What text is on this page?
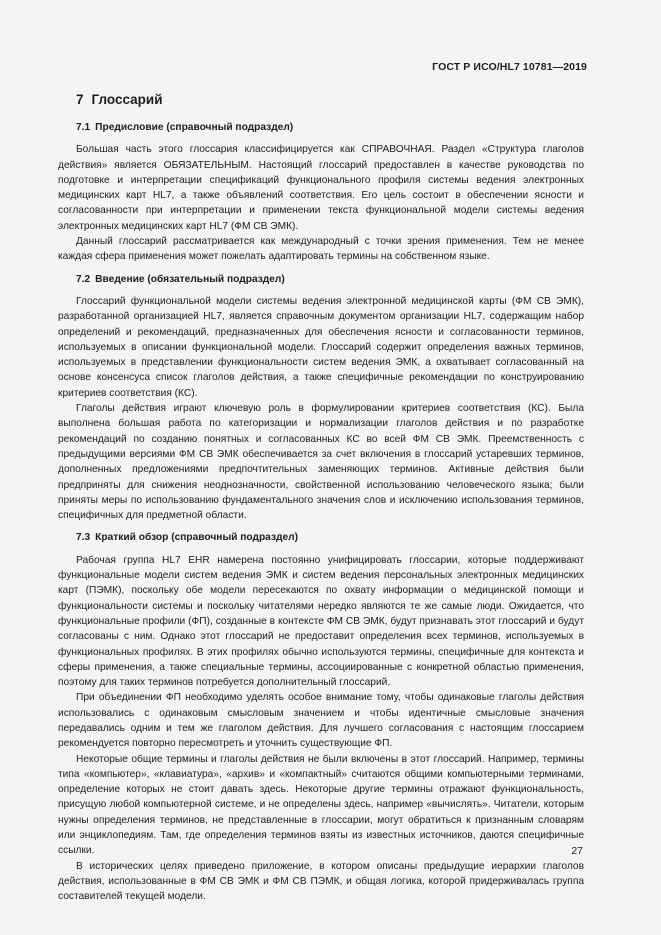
ГОСТ Р ИСО/HL7 10781—2019
7 Глоссарий

7.1 Предисловие (справочный подраздел)

Большая часть этого глоссария классифицируется как СПРАВОЧНАЯ. Раздел «Структура глаголов действия» является ОБЯЗАТЕЛЬНЫМ. Настоящий глоссарий предоставлен в качестве руководства по подготовке и интерпретации спецификаций функционального профиля системы ведения электронных медицинских карт HL7, а также объявлений соответствия. Его цель состоит в обеспечении ясности и согласованности при интерпретации и применении текста функциональной модели системы ведения электронных медицинских карт HL7 (ФМ СВ ЭМК).

Данный глоссарий рассматривается как международный с точки зрения применения. Тем не менее каждая сфера применения может пожелать адаптировать термины на собственном языке.

7.2 Введение (обязательный подраздел)

Глоссарий функциональной модели системы ведения электронной медицинской карты (ФМ СВ ЭМК), разработанной организацией HL7, является справочным документом организации HL7, содержащим набор определений и рекомендаций, предназначенных для обеспечения ясности и согласованности терминов, используемых в описании функциональной модели. Глоссарий содержит определения важных терминов, используемых в представлении функциональности систем ведения ЭМК, а охватывает согласованный на основе консенсуса список глаголов действия, а также специфичные рекомендации по конструированию критериев соответствия (КС).

Глаголы действия играют ключевую роль в формулировании критериев соответствия (КС). Была выполнена большая работа по категоризации и нормализации глаголов действия и по разработке рекомендаций по созданию понятных и согласованных КС во всей ФМ СВ ЭМК. Преемственность с предыдущими версиями ФМ СВ ЭМК обеспечивается за счет включения в глоссарий устаревших терминов, дополненных предложениями предпочтительных заменяющих терминов. Активные действия были предприняты для снижения неоднозначности, свойственной использованию человеческого языка; были приняты меры по использованию фундаментального значения слов и исключению использования терминов, специфичных для предметной области.

7.3 Краткий обзор (справочный подраздел)

Рабочая группа HL7 EHR намерена постоянно унифицировать глоссарии, которые поддерживают функциональные модели систем ведения ЭМК и систем ведения персональных электронных медицинских карт (ПЭМК), поскольку обе модели пересекаются по охвату информации о медицинской помощи и функциональности системы и поскольку читателями нередко являются те же самые люди. Ожидается, что функциональные профили (ФП), созданные в контексте ФМ СВ ЭМК, будут признавать этот глоссарий и будут согласованы с ним. Однако этот глоссарий не предоставит определения всех терминов, используемых в функциональных профилях. В этих профилях обычно используются термины, специфичные для контекста и сферы применения, а также специальные термины, ассоциированные с конкретной областью применения, поэтому для таких терминов потребуется дополнительный глоссарий.

При объединении ФП необходимо уделять особое внимание тому, чтобы одинаковые глаголы действия использовались с одинаковым смысловым значением и чтобы идентичные смысловые значения передавались одним и тем же глаголом действия. Для лучшего согласования с настоящим глоссарием рекомендуется повторно пересмотреть и уточнить существующие ФП.

Некоторые общие термины и глаголы действия не были включены в этот глоссарий. Например, термины типа «компьютер», «клавиатура», «архив» и «компактный» считаются общими компьютерными терминами, определение которых не стоит давать здесь. Некоторые другие термины отражают функциональность, присущую любой компьютерной системе, и не определены здесь, например «вычислять». Читатели, которым нужны определения терминов, не представленные в глоссарии, могут обратиться к признанным словарям или энциклопедиям. Там, где определения терминов взяты из известных источников, даются специфичные ссылки.

В исторических целях приведено приложение, в котором описаны предыдущие иерархии глаголов действия, использованные в ФМ СВ ЭМК и ФМ СВ ПЭМК, и общая логика, которой придерживалась группа составителей текущей модели.

27
